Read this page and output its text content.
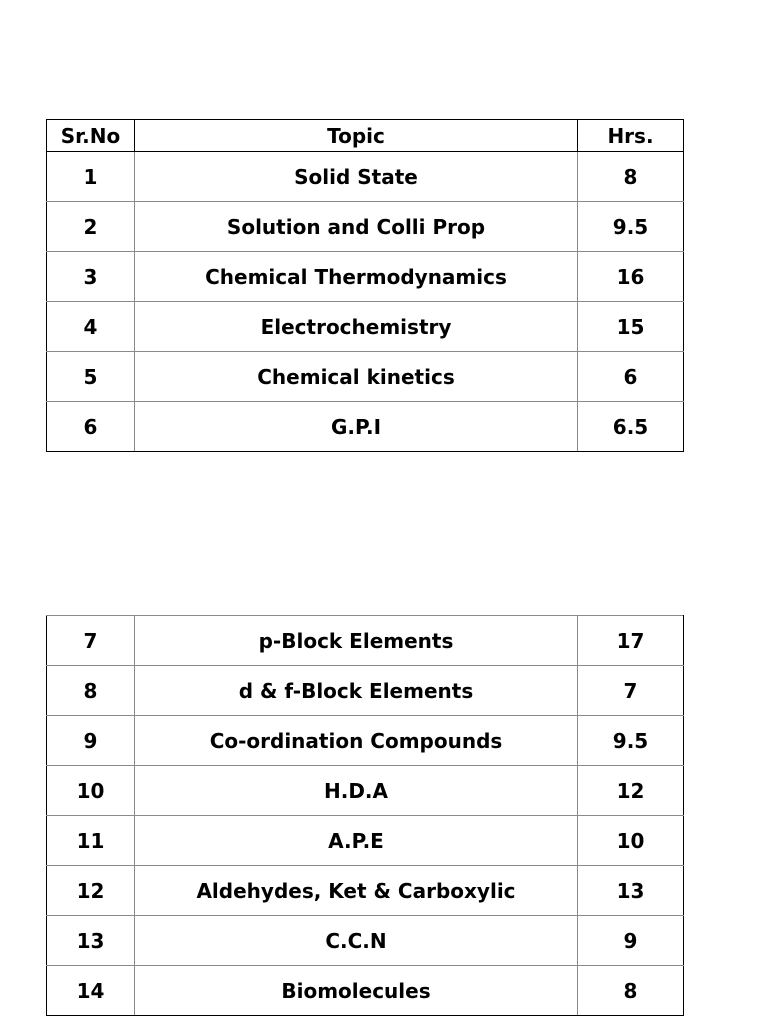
Sr.No	Topic	Hrs.
1	Solid State	8
2	Solution and Colli Prop	9.5
3	Chemical Thermodynamics	16
4	Electrochemistry	15
5	Chemical kinetics	6
6	G.P.I	6.5
7	p-Block Elements	17
8	d & f-Block Elements	7
9	Co-ordination Compounds	9.5
10	H.D.A	12
11	A.P.E	10
12	Aldehydes, Ket & Carboxylic	13
13	C.C.N	9
14	Biomolecules	8
